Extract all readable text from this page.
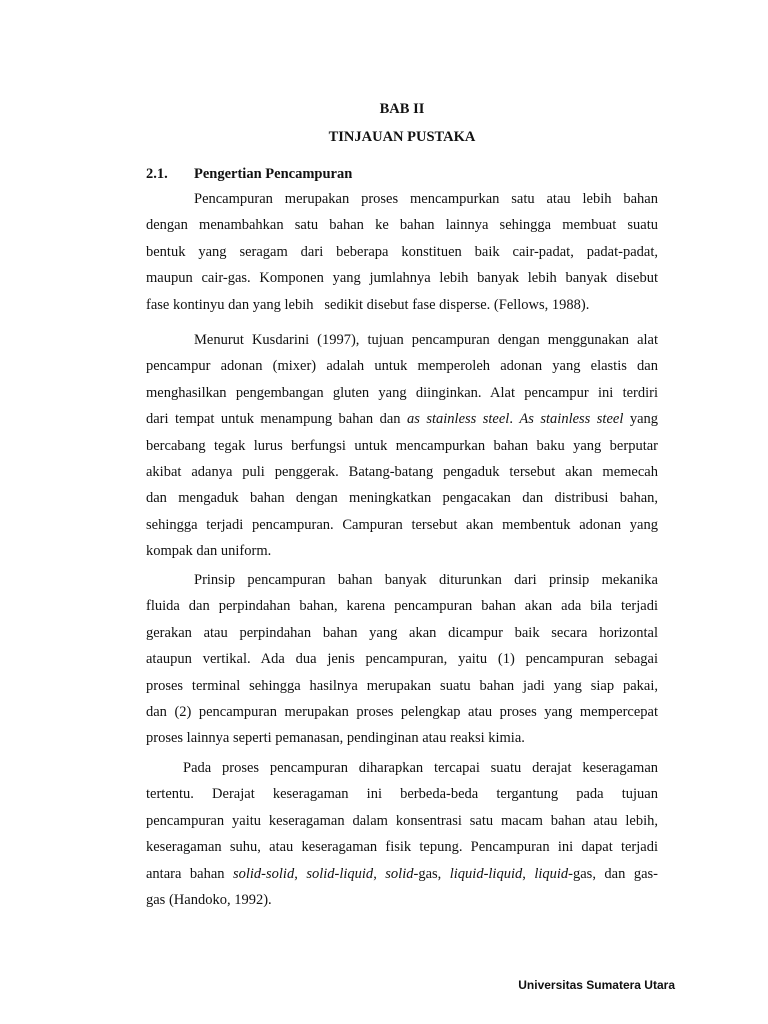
BAB II

TINJAUAN PUSTAKA

2.1. Pengertian Pencampuran

Pencampuran merupakan proses mencampurkan satu atau lebih bahan
dengan menambahkan satu bahan ke bahan lainnya sehingga membuat suatu
bentuk yang seragam dari beberapa konstituen baik cair-padat, padat-padat,
maupun cair-gas. Komponen yang jumlahnya lebih banyak lebih banyak disebut
fase kontinyu dan yang lebih   sedikit disebut fase disperse. (Fellows, 1988).
Menurut Kusdarini (1997), tujuan pencampuran dengan menggunakan alat
pencampur adonan (mixer) adalah untuk memperoleh adonan yang elastis dan
menghasilkan pengembangan gluten yang diinginkan. Alat pencampur ini terdiri
dari tempat untuk menampung bahan dan as stainless steel. As stainless steel yang
bercabang tegak lurus berfungsi untuk mencampurkan bahan baku yang berputar
akibat adanya puli penggerak. Batang-batang pengaduk tersebut akan memecah
dan mengaduk bahan dengan meningkatkan pengacakan dan distribusi bahan,
sehingga terjadi pencampuran. Campuran tersebut akan membentuk adonan yang
kompak dan uniform.
Prinsip pencampuran bahan banyak diturunkan dari prinsip mekanika
fluida dan perpindahan bahan, karena pencampuran bahan akan ada bila terjadi
gerakan atau perpindahan bahan yang akan dicampur baik secara horizontal
ataupun vertikal. Ada dua jenis pencampuran, yaitu (1) pencampuran sebagai
proses terminal sehingga hasilnya merupakan suatu bahan jadi yang siap pakai,
dan (2) pencampuran merupakan proses pelengkap atau proses yang mempercepat
proses lainnya seperti pemanasan, pendinginan atau reaksi kimia.
Pada proses pencampuran diharapkan tercapai suatu derajat keseragaman
tertentu. Derajat keseragaman ini berbeda-beda tergantung pada tujuan
pencampuran yaitu keseragaman dalam konsentrasi satu macam bahan atau lebih,
keseragaman suhu, atau keseragaman fisik tepung. Pencampuran ini dapat terjadi
antara bahan solid-solid, solid-liquid, solid-gas, liquid-liquid, liquid-gas, dan gas-
gas (Handoko, 1992).
Universitas Sumatera Utara
